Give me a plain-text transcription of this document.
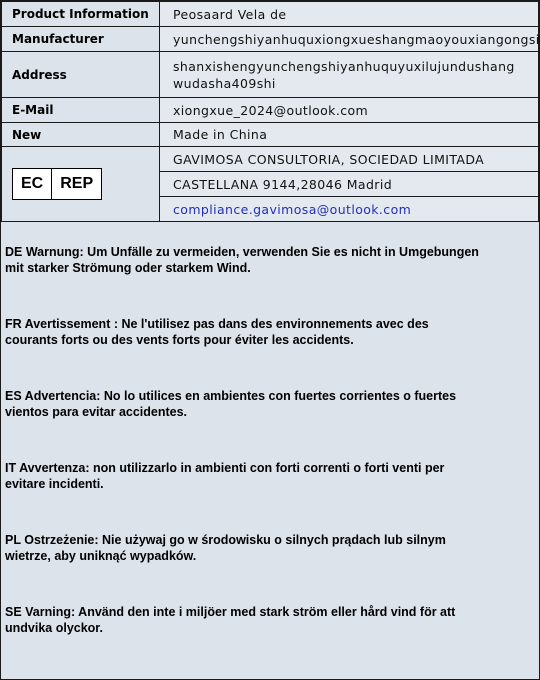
Product Information	Peosaard Vela de
Manufacturer	yunchengshiyanhuquxiongxueshangmaoyouxiangongsi
Address	shanxishengyunchengshiyanhuquyuxilujundushang
wudasha409shi

E-Mail	xiongxue_2024@outlook.com
New	Made in China

EC REP	GAVIMOSA CONSULTORIA, SOCIEDAD LIMITADA
	CASTELLANA 9144,28046 Madrid
	compliance.gavimosa@outlook.com
DE Warnung: Um Unfälle zu vermeiden, verwenden Sie es nicht in Umgebungen
mit starker Strömung oder starkem Wind.
FR Avertissement : Ne l'utilisez pas dans des environnements avec des
courants forts ou des vents forts pour éviter les accidents.
ES Advertencia: No lo utilices en ambientes con fuertes corrientes o fuertes
vientos para evitar accidentes.
IT Avvertenza: non utilizzarlo in ambienti con forti correnti o forti venti per
evitare incidenti.
PL Ostrzeżenie: Nie używaj go w środowisku o silnych prądach lub silnym
wietrze, aby uniknąć wypadków.
SE Varning: Använd den inte i miljöer med stark ström eller hård vind för att
undvika olyckor.
